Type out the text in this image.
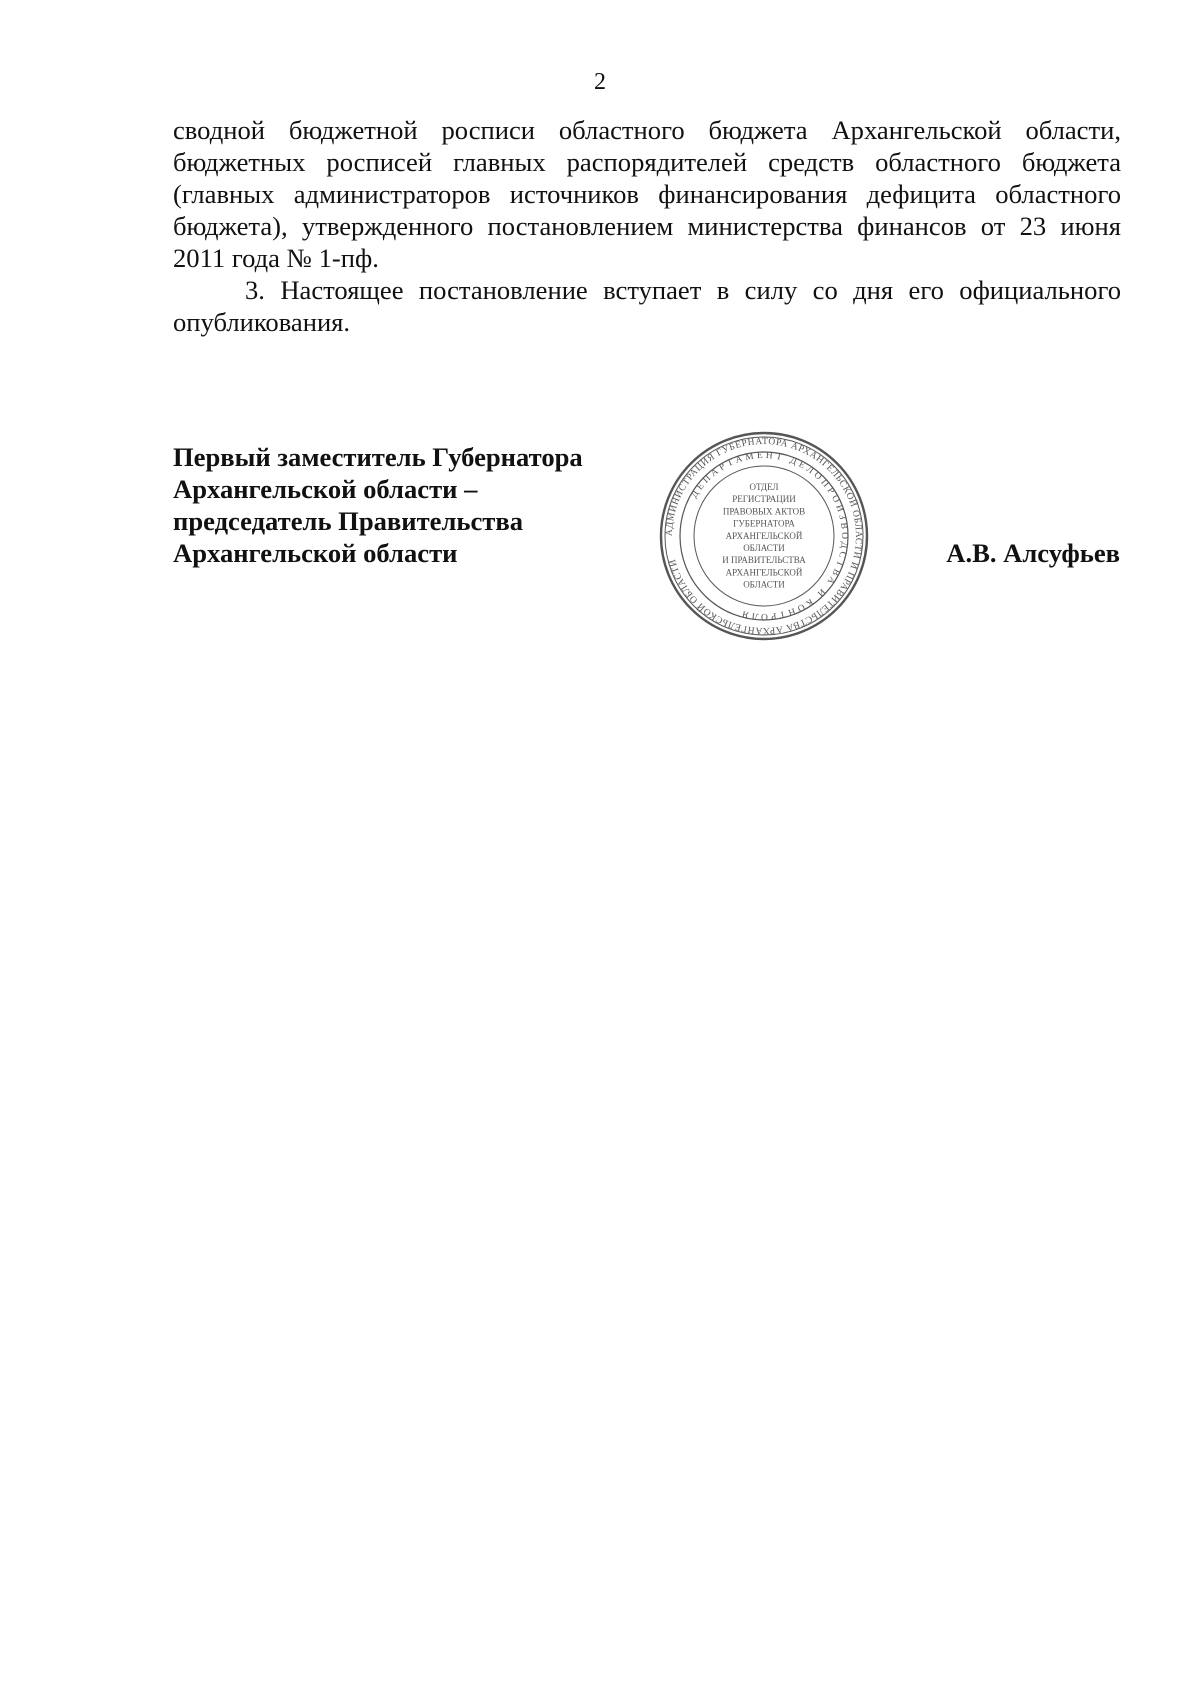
2

сводной бюджетной росписи областного бюджета Архангельской области, бюджетных росписей главных распорядителей средств областного бюджета (главных администраторов источников финансирования дефицита областного бюджета), утвержденного постановлением министерства финансов от 23 июня 2011 года № 1-пф.

3. Настоящее постановление вступает в силу со дня его официального опубликования.

Первый заместитель Губернатора
Архангельской области –
председатель Правительства
Архангельской области	А.В. Алсуфьев
АДМИНИСТРАЦИЯ ГУБЕРНАТОРА АРХАНГЕЛЬСКОЙ ОБЛАСТИ И ПРАВИТЕЛЬСТВА АРХАНГЕЛЬСКОЙ ОБЛАСТИ
ДЕПАРТАМЕНТ ДЕЛОПРОИЗВОДСТВА И КОНТРОЛЯ
ОТДЕЛ
РЕГИСТРАЦИИ
ПРАВОВЫХ АКТОВ
ГУБЕРНАТОРА
АРХАНГЕЛЬСКОЙ
ОБЛАСТИ
И ПРАВИТЕЛЬСТВА
АРХАНГЕЛЬСКОЙ
ОБЛАСТИ
